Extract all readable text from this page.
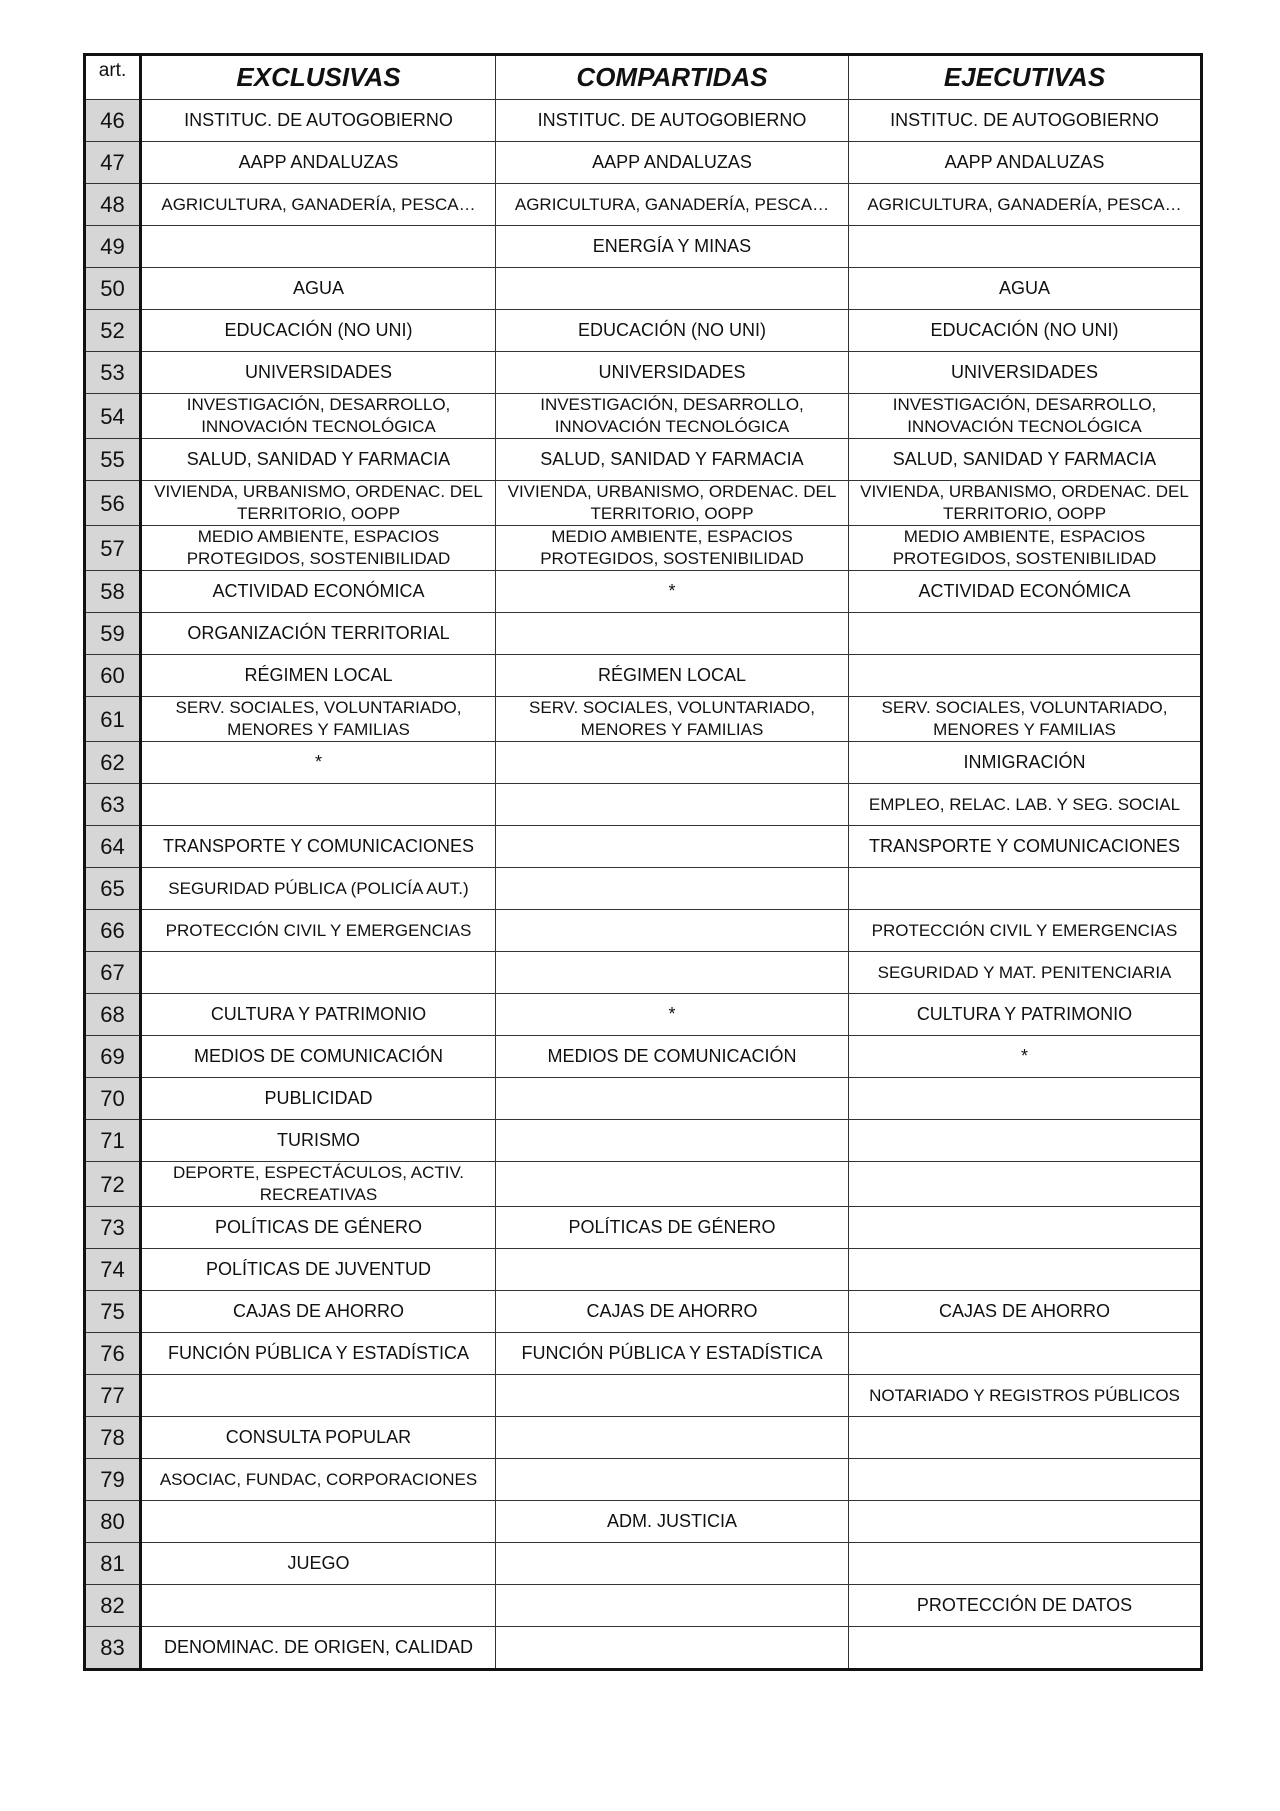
art.	EXCLUSIVAS	COMPARTIDAS	EJECUTIVAS
46	INSTITUC. DE AUTOGOBIERNO	INSTITUC. DE AUTOGOBIERNO	INSTITUC. DE AUTOGOBIERNO
47	AAPP ANDALUZAS	AAPP ANDALUZAS	AAPP ANDALUZAS
48	AGRICULTURA, GANADERÍA, PESCA…	AGRICULTURA, GANADERÍA, PESCA…	AGRICULTURA, GANADERÍA, PESCA…
49		ENERGÍA Y MINAS	
50	AGUA		AGUA
52	EDUCACIÓN (NO UNI)	EDUCACIÓN (NO UNI)	EDUCACIÓN (NO UNI)
53	UNIVERSIDADES	UNIVERSIDADES	UNIVERSIDADES
54	INVESTIGACIÓN, DESARROLLO, INNOVACIÓN TECNOLÓGICA	INVESTIGACIÓN, DESARROLLO, INNOVACIÓN TECNOLÓGICA	INVESTIGACIÓN, DESARROLLO, INNOVACIÓN TECNOLÓGICA
55	SALUD, SANIDAD Y FARMACIA	SALUD, SANIDAD Y FARMACIA	SALUD, SANIDAD Y FARMACIA
56	VIVIENDA, URBANISMO, ORDENAC. DEL TERRITORIO, OOPP	VIVIENDA, URBANISMO, ORDENAC. DEL TERRITORIO, OOPP	VIVIENDA, URBANISMO, ORDENAC. DEL TERRITORIO, OOPP
57	MEDIO AMBIENTE, ESPACIOS PROTEGIDOS, SOSTENIBILIDAD	MEDIO AMBIENTE, ESPACIOS PROTEGIDOS, SOSTENIBILIDAD	MEDIO AMBIENTE, ESPACIOS PROTEGIDOS, SOSTENIBILIDAD
58	ACTIVIDAD ECONÓMICA	*	ACTIVIDAD ECONÓMICA
59	ORGANIZACIÓN TERRITORIAL		
60	RÉGIMEN LOCAL	RÉGIMEN LOCAL	
61	SERV. SOCIALES, VOLUNTARIADO, MENORES Y FAMILIAS	SERV. SOCIALES, VOLUNTARIADO, MENORES Y FAMILIAS	SERV. SOCIALES, VOLUNTARIADO, MENORES Y FAMILIAS
62	*		INMIGRACIÓN
63			EMPLEO, RELAC. LAB. Y SEG. SOCIAL
64	TRANSPORTE Y COMUNICACIONES		TRANSPORTE Y COMUNICACIONES
65	SEGURIDAD PÚBLICA (POLICÍA AUT.)		
66	PROTECCIÓN CIVIL Y EMERGENCIAS		PROTECCIÓN CIVIL Y EMERGENCIAS
67			SEGURIDAD Y MAT. PENITENCIARIA
68	CULTURA Y PATRIMONIO	*	CULTURA Y PATRIMONIO
69	MEDIOS DE COMUNICACIÓN	MEDIOS DE COMUNICACIÓN	*
70	PUBLICIDAD		
71	TURISMO		
72	DEPORTE, ESPECTÁCULOS, ACTIV. RECREATIVAS		
73	POLÍTICAS DE GÉNERO	POLÍTICAS DE GÉNERO	
74	POLÍTICAS DE JUVENTUD		
75	CAJAS DE AHORRO	CAJAS DE AHORRO	CAJAS DE AHORRO
76	FUNCIÓN PÚBLICA Y ESTADÍSTICA	FUNCIÓN PÚBLICA Y ESTADÍSTICA	
77			NOTARIADO Y REGISTROS PÚBLICOS
78	CONSULTA POPULAR		
79	ASOCIAC, FUNDAC, CORPORACIONES		
80		ADM. JUSTICIA	
81	JUEGO		
82			PROTECCIÓN DE DATOS
83	DENOMINAC. DE ORIGEN, CALIDAD		
